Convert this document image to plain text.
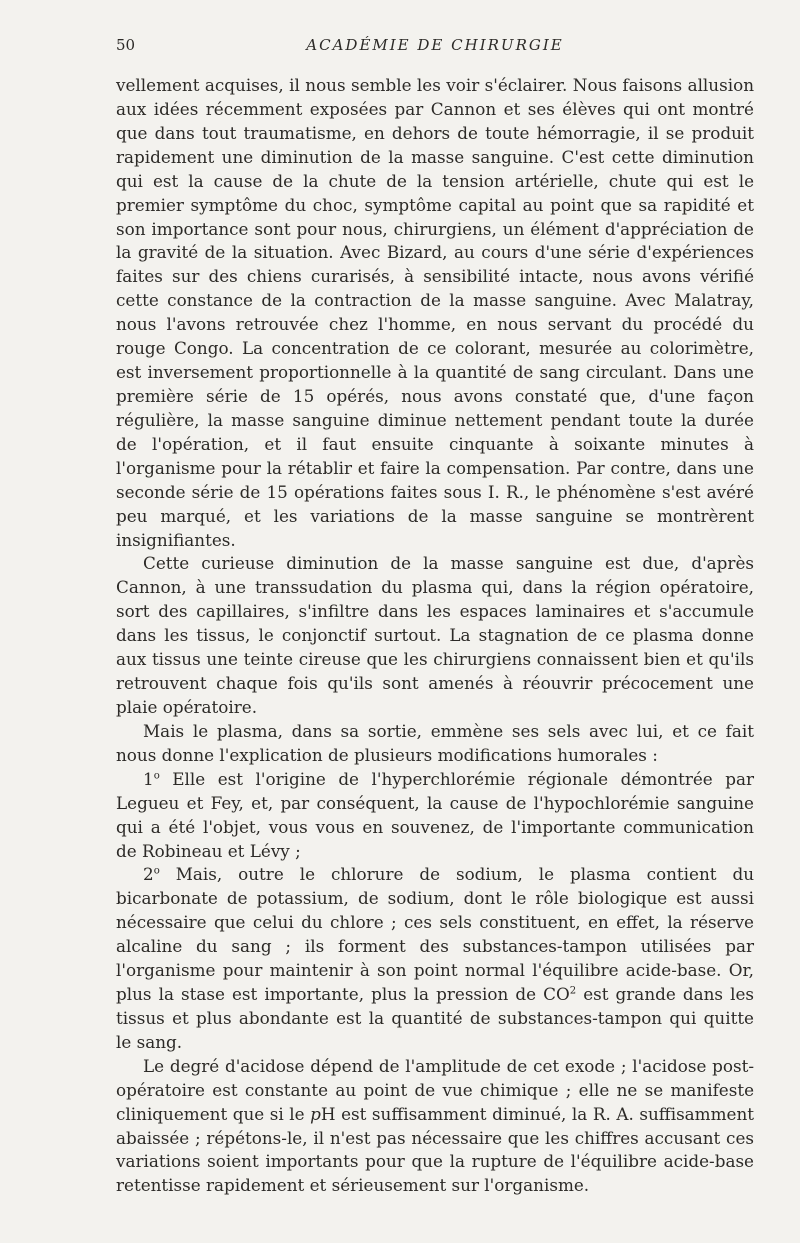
50	ACADÉMIE DE CHIRURGIE

vellement acquises, il nous semble les voir s'éclairer. Nous faisons allusion aux idées récemment exposées par Cannon et ses élèves qui ont montré que dans tout traumatisme, en dehors de toute hémorragie, il se produit rapidement une diminution de la masse sanguine. C'est cette diminution qui est la cause de la chute de la tension artérielle, chute qui est le premier symptôme du choc, symptôme capital au point que sa rapidité et son importance sont pour nous, chirurgiens, un élément d'appréciation de la gravité de la situation. Avec Bizard, au cours d'une série d'expériences faites sur des chiens curarisés, à sensibilité intacte, nous avons vérifié cette constance de la contraction de la masse sanguine. Avec Malatray, nous l'avons retrouvée chez l'homme, en nous servant du procédé du rouge Congo. La concentration de ce colorant, mesurée au colorimètre, est inversement proportionnelle à la quantité de sang circulant. Dans une première série de 15 opérés, nous avons constaté que, d'une façon régulière, la masse sanguine diminue nettement pendant toute la durée de l'opération, et il faut ensuite cinquante à soixante minutes à l'organisme pour la rétablir et faire la compensation. Par contre, dans une seconde série de 15 opérations faites sous I. R., le phénomène s'est avéré peu marqué, et les variations de la masse sanguine se montrèrent insignifiantes.

Cette curieuse diminution de la masse sanguine est due, d'après Cannon, à une transsudation du plasma qui, dans la région opératoire, sort des capillaires, s'infiltre dans les espaces laminaires et s'accumule dans les tissus, le conjonctif surtout. La stagnation de ce plasma donne aux tissus une teinte cireuse que les chirurgiens connaissent bien et qu'ils retrouvent chaque fois qu'ils sont amenés à réouvrir précocement une plaie opératoire.

Mais le plasma, dans sa sortie, emmène ses sels avec lui, et ce fait nous donne l'explication de plusieurs modifications humorales :

1$^o$ Elle est l'origine de l'hyperchlorémie régionale démontrée par Legueu et Fey, et, par conséquent, la cause de l'hypochlorémie sanguine qui a été l'objet, vous vous en souvenez, de l'importante communication de Robineau et Lévy ;

2$^o$ Mais, outre le chlorure de sodium, le plasma contient du bicarbonate de potassium, de sodium, dont le rôle biologique est aussi nécessaire que celui du chlore ; ces sels constituent, en effet, la réserve alcaline du sang ; ils forment des substances-tampon utilisées par l'organisme pour maintenir à son point normal l'équilibre acide-base. Or, plus la stase est importante, plus la pression de $CO^2$ est grande dans les tissus et plus abondante est la quantité de substances-tampon qui quitte le sang.

Le degré d'acidose dépend de l'amplitude de cet exode ; l'acidose post-opératoire est constante au point de vue chimique ; elle ne se manifeste cliniquement que si le pH est suffisamment diminué, la R. A. suffisamment abaissée ; répétons-le, il n'est pas nécessaire que les chiffres accusant ces variations soient importants pour que la rupture de l'équilibre acide-base retentisse rapidement et sérieusement sur l'organisme.
